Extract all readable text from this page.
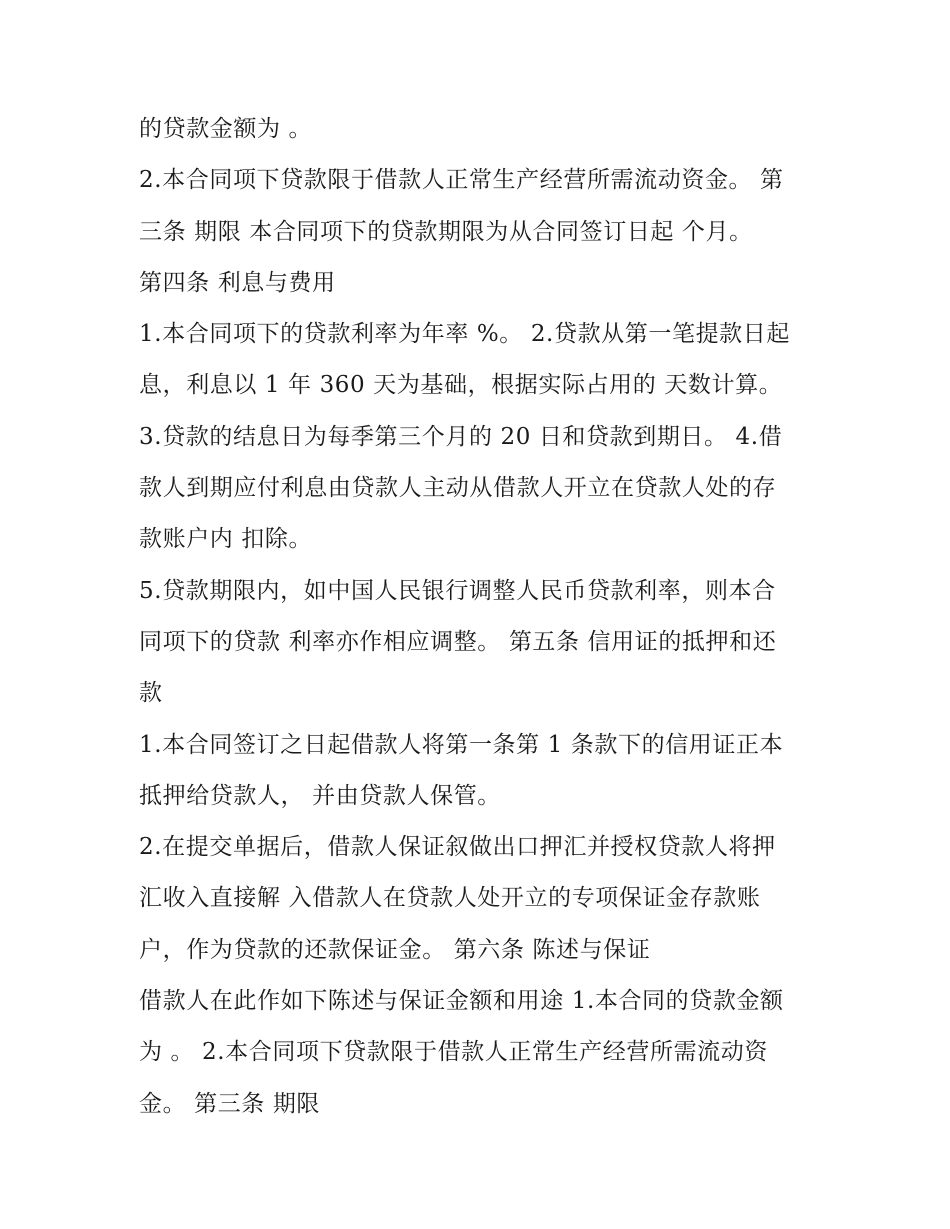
的贷款金额为 。
2.本合同项下贷款限于借款人正常生产经营所需流动资金。 第
三条 期限 本合同项下的贷款期限为从合同签订日起 个月。
第四条 利息与费用
1.本合同项下的贷款利率为年率 %。 2.贷款从第一笔提款日起
息，利息以 1 年 360 天为基础，根据实际占用的 天数计算。
3.贷款的结息日为每季第三个月的 20 日和贷款到期日。 4.借
款人到期应付利息由贷款人主动从借款人开立在贷款人处的存
款账户内 扣除。
5.贷款期限内，如中国人民银行调整人民币贷款利率，则本合
同项下的贷款 利率亦作相应调整。 第五条 信用证的抵押和还
款
1.本合同签订之日起借款人将第一条第 1 条款下的信用证正本
抵押给贷款人， 并由贷款人保管。
2.在提交单据后，借款人保证叙做出口押汇并授权贷款人将押
汇收入直接解 入借款人在贷款人处开立的专项保证金存款账
户，作为贷款的还款保证金。 第六条 陈述与保证
借款人在此作如下陈述与保证金额和用途 1.本合同的贷款金额
为 。 2.本合同项下贷款限于借款人正常生产经营所需流动资
金。 第三条 期限
